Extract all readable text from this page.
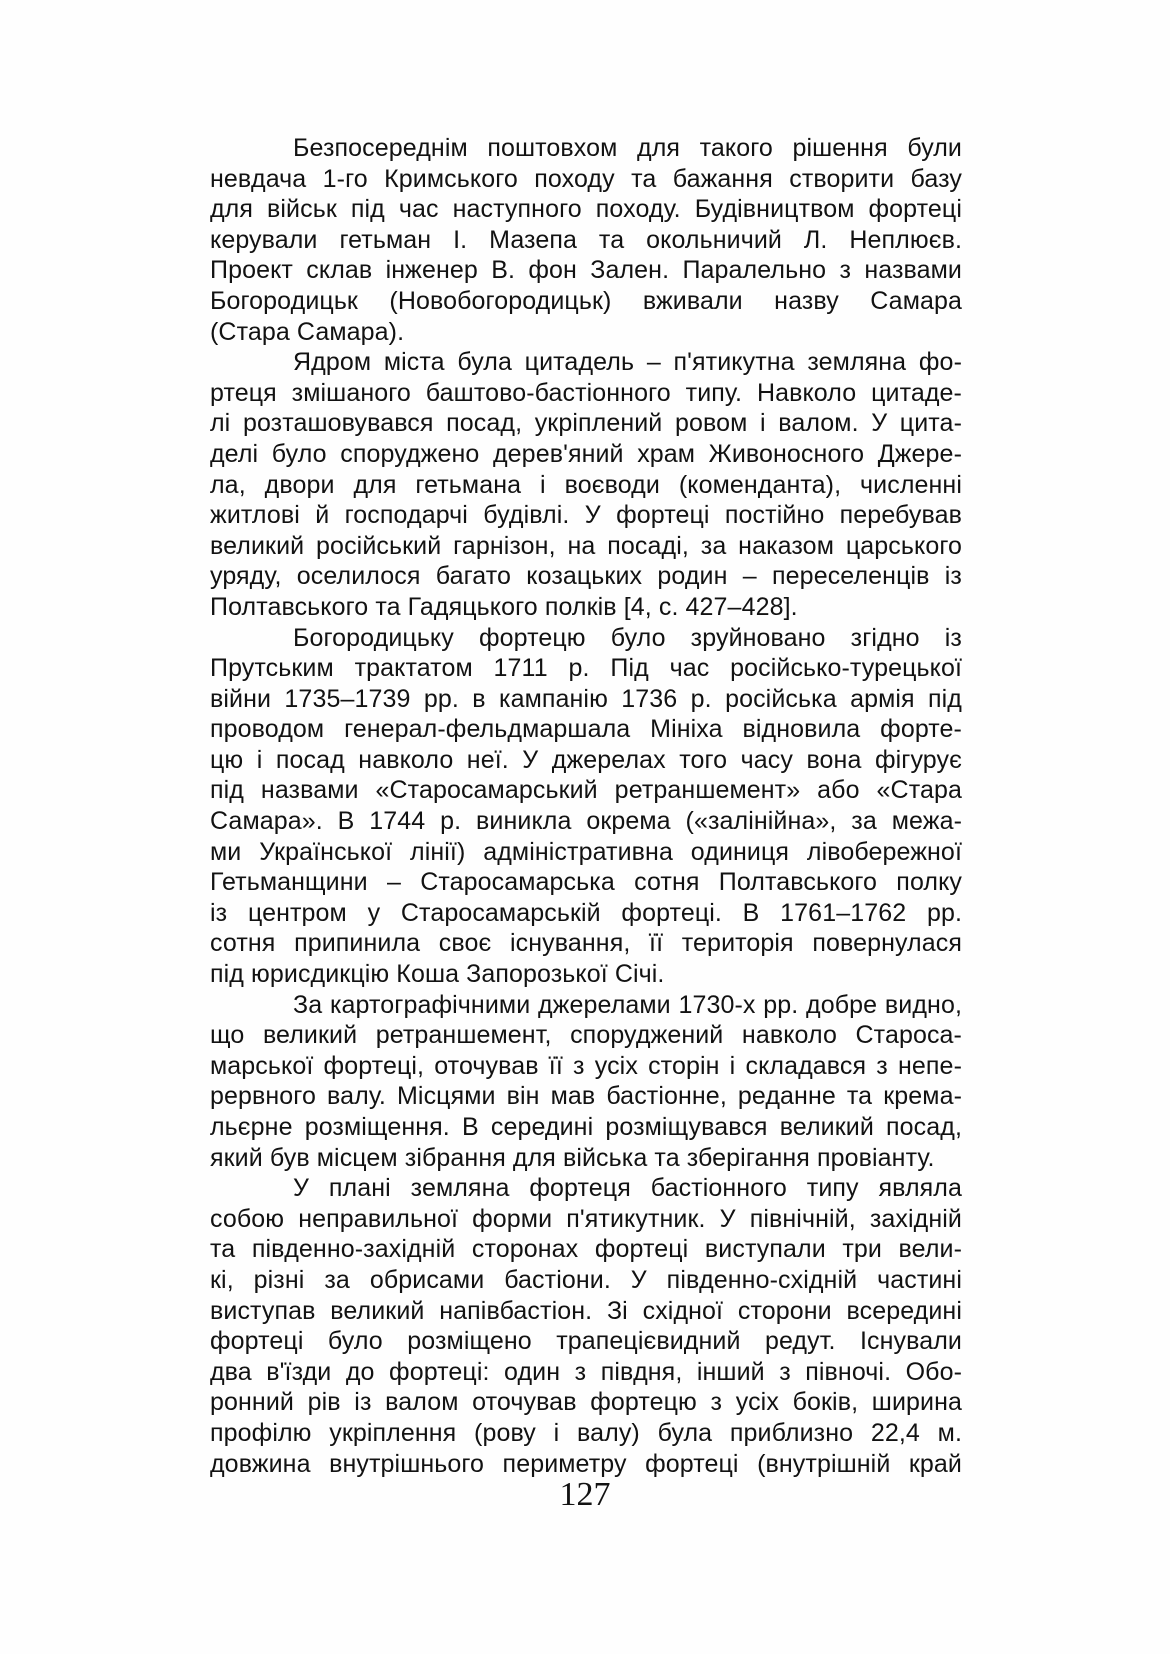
Безпосереднім поштовхом для такого рішення були
невдача 1-го Кримського походу та бажання створити базу
для військ під час наступного походу. Будівництвом фортеці
керували гетьман І. Мазепа та окольничий Л. Неплюєв.
Проект склав інженер В. фон Зален. Паралельно з назвами
Богородицьк (Новобогородицьк) вживали назву Самара
(Стара Самара).

Ядром міста була цитадель – п'ятикутна земляна фо-
ртеця змішаного баштово-бастіонного типу. Навколо цитаде-
лі розташовувався посад, укріплений ровом і валом. У цита-
делі було споруджено дерев'яний храм Живоносного Джере-
ла, двори для гетьмана і воєводи (коменданта), численні
житлові й господарчі будівлі. У фортеці постійно перебував
великий російський гарнізон, на посаді, за наказом царського
уряду, оселилося багато козацьких родин – переселенців із
Полтавського та Гадяцького полків [4, с. 427–428].

Богородицьку фортецю було зруйновано згідно із
Прутським трактатом 1711 р. Під час російсько-турецької
війни 1735–1739 рр. в кампанію 1736 р. російська армія під
проводом генерал-фельдмаршала Мініха відновила форте-
цю і посад навколо неї. У джерелах того часу вона фігурує
під назвами «Старосамарський ретраншемент» або «Стара
Самара». В 1744 р. виникла окрема («залінійна», за межа-
ми Української лінії) адміністративна одиниця лівобережної
Гетьманщини – Старосамарська сотня Полтавського полку
із центром у Старосамарській фортеці. В 1761–1762 рр.
сотня припинила своє існування, її територія повернулася
під юрисдикцію Коша Запорозької Січі.

За картографічними джерелами 1730-х рр. добре видно,
що великий ретраншемент, споруджений навколо Староса-
марської фортеці, оточував її з усіх сторін і складався з непе-
рервного валу. Місцями він мав бастіонне, реданне та крема-
льєрне розміщення. В середині розміщувався великий посад,
який був місцем зібрання для війська та зберігання провіанту.

У плані земляна фортеця бастіонного типу являла
собою неправильної форми п'ятикутник. У північній, західній
та південно-західній сторонах фортеці виступали три вели-
кі, різні за обрисами бастіони. У південно-східній частині
виступав великий напівбастіон. Зі східної сторони всередині
фортеці було розміщено трапецієвидний редут. Існували
два в'їзди до фортеці: один з півдня, інший з півночі. Обо-
ронний рів із валом оточував фортецю з усіх боків, ширина
профілю укріплення (рову і валу) була приблизно 22,4 м.
довжина внутрішнього периметру фортеці (внутрішній край

127
